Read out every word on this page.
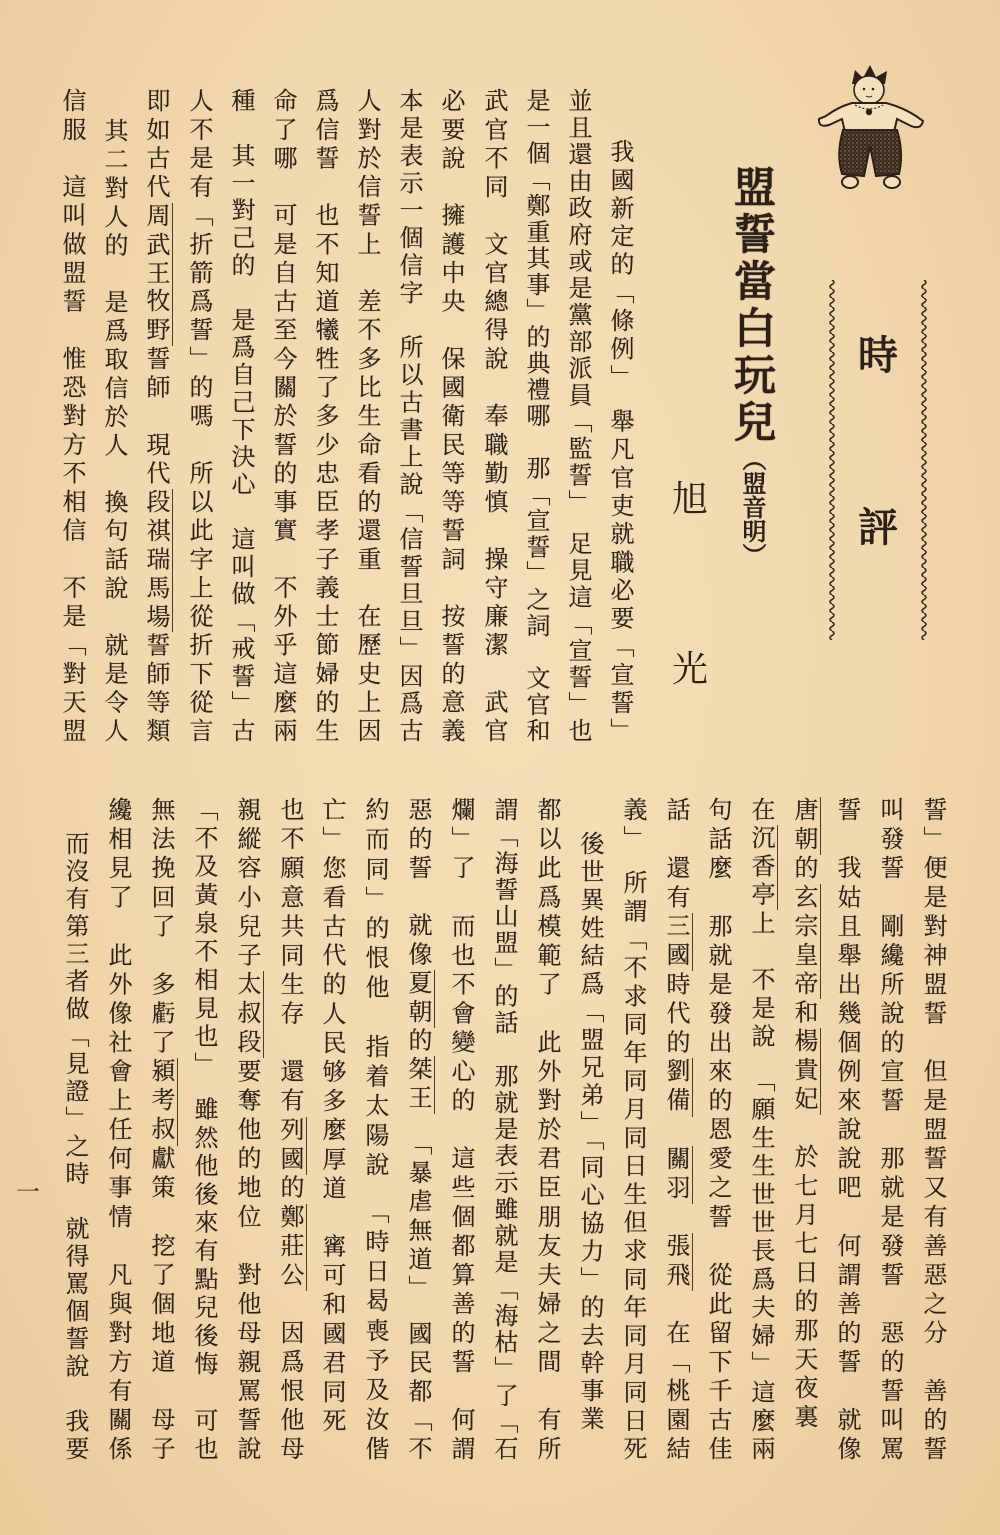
時
評
盟誓當白玩兒（盟音明）
旭
光
我國新定的「條例」　舉凡官吏就職必要「宣誓」
並且還由政府或是黨部派員「監誓」　足見這「宣誓」也
是一個「鄭重其事」的典禮哪　那「宣誓」之詞　文官和
武官不同　文官總得說　奉職勤慎　操守廉潔　武官
必要說　擁護中央　保國衛民等等誓詞　按誓的意義
本是表示一個信字　所以古書上說「信誓旦旦」因爲古
人對於信誓上　差不多比生命看的還重　在歷史上因
爲信誓　也不知道犧牲了多少忠臣孝子義士節婦的生
命了哪　可是自古至今關於誓的事實　不外乎這麼兩
種　其一對己的　是爲自己下決心　這叫做「戒誓」古
人不是有「折箭爲誓」的嗎　所以此字上從折下從言
即如古代周武王牧野誓師　現代段祺瑞馬場誓師等類
其二對人的　是爲取信於人　換句話說　就是令人
信服　這叫做盟誓　惟恐對方不相信　不是「對天盟
誓」便是對神盟誓　但是盟誓又有善惡之分　善的誓
叫發誓　剛纔所說的宣誓　那就是發誓　惡的誓叫罵
誓　我姑且舉出幾個例來說說吧　何謂善的誓　就像
唐朝的玄宗皇帝和楊貴妃　於七月七日的那天夜裏
在沉香亭上　不是說　「願生生世世長爲夫婦」這麼兩
句話麼　那就是發出來的恩愛之誓　從此留下千古佳
話　還有三國時代的劉備　關羽　張飛　在「桃園結
義」　所謂「不求同年同月同日生但求同年同月同日死
後世異姓結爲「盟兄弟」「同心協力」的去幹事業
都以此爲模範了　此外對於君臣朋友夫婦之間　有所
謂「海誓山盟」的話　那就是表示雖就是「海枯」了「石
爛」了　而也不會變心的　這些個都算善的誓　何謂
惡的誓　就像夏朝的桀王　「暴虐無道」　國民都「不
約而同」的恨他　指着太陽說　「時日曷喪予及汝偕
亡」您看古代的人民够多麼厚道　寗可和國君同死
也不願意共同生存　還有列國的鄭莊公　因爲恨他母
親縱容小兒子太叔段要奪他的地位　對他母親罵誓說
「不及黃泉不相見也」　雖然他後來有點兒後悔　可也
無法挽回了　多虧了潁考叔獻策　挖了個地道　母子
纔相見了　此外像社會上任何事情　凡與對方有關係
而沒有第三者做「見證」之時　就得罵個誓說　我要
一
